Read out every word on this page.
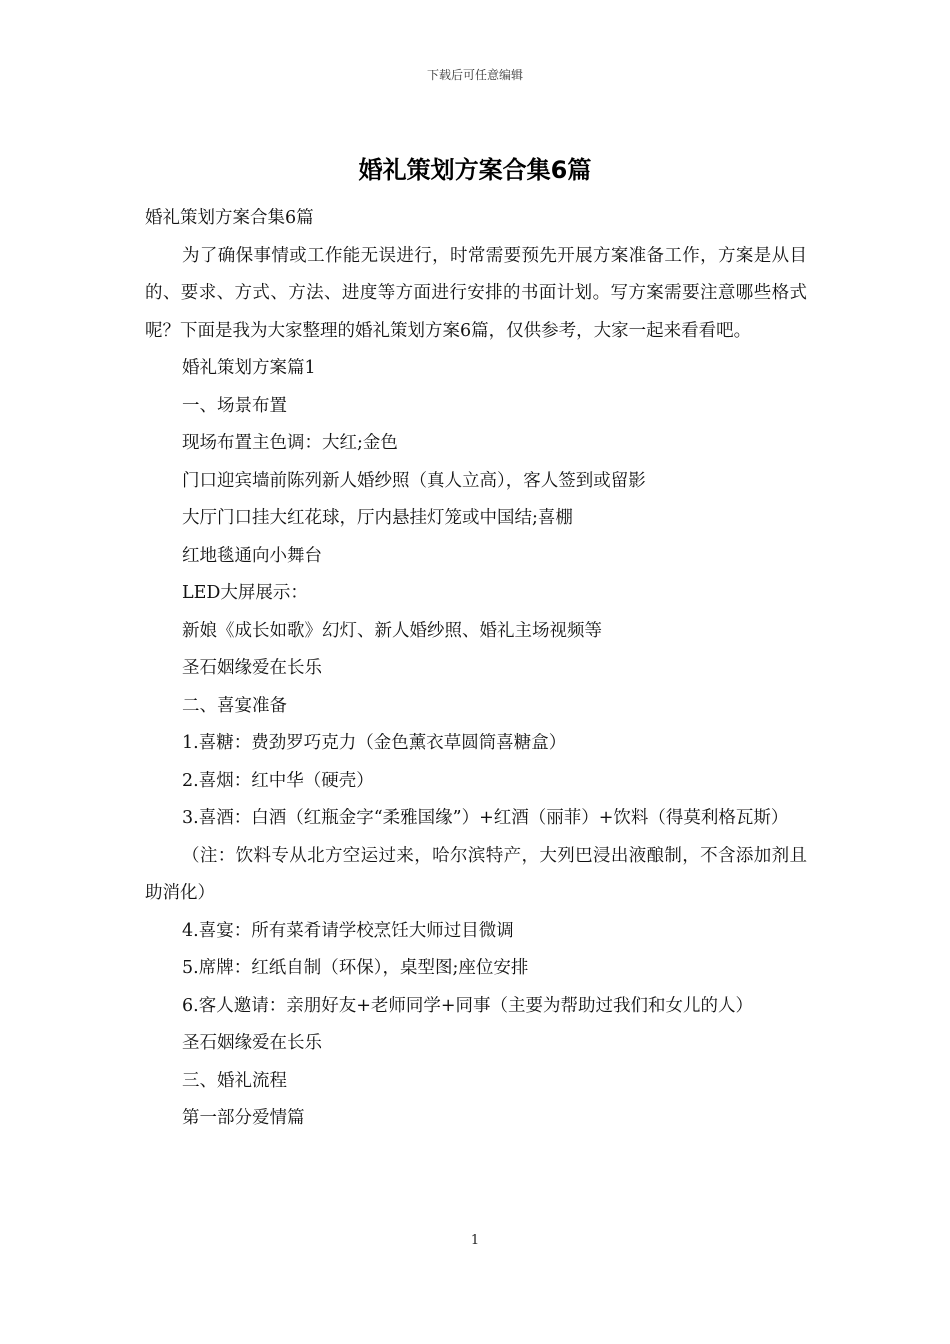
下载后可任意编辑
婚礼策划方案合集6篇

婚礼策划方案合集6篇

为了确保事情或工作能无误进行，时常需要预先开展方案准备工作，方案是从目的、要求、方式、方法、进度等方面进行安排的书面计划。写方案需要注意哪些格式呢？下面是我为大家整理的婚礼策划方案6篇，仅供参考，大家一起来看看吧。

婚礼策划方案篇1

一、场景布置

现场布置主色调：大红;金色

门口迎宾墙前陈列新人婚纱照（真人立高），客人签到或留影

大厅门口挂大红花球，厅内悬挂灯笼或中国结;喜棚

红地毯通向小舞台

LED大屏展示：

新娘《成长如歌》幻灯、新人婚纱照、婚礼主场视频等

圣石姻缘爱在长乐

二、喜宴准备

1.喜糖：费劲罗巧克力（金色薰衣草圆筒喜糖盒）

2.喜烟：红中华（硬壳）

3.喜酒：白酒（红瓶金字“柔雅国缘”）+红酒（丽菲）+饮料（得莫利格瓦斯）

（注：饮料专从北方空运过来，哈尔滨特产，大列巴浸出液酿制，不含添加剂且助消化）

4.喜宴：所有菜肴请学校烹饪大师过目微调

5.席牌：红纸自制（环保），桌型图;座位安排

6.客人邀请：亲朋好友+老师同学+同事（主要为帮助过我们和女儿的人）

圣石姻缘爱在长乐

三、婚礼流程

第一部分爱情篇

1
